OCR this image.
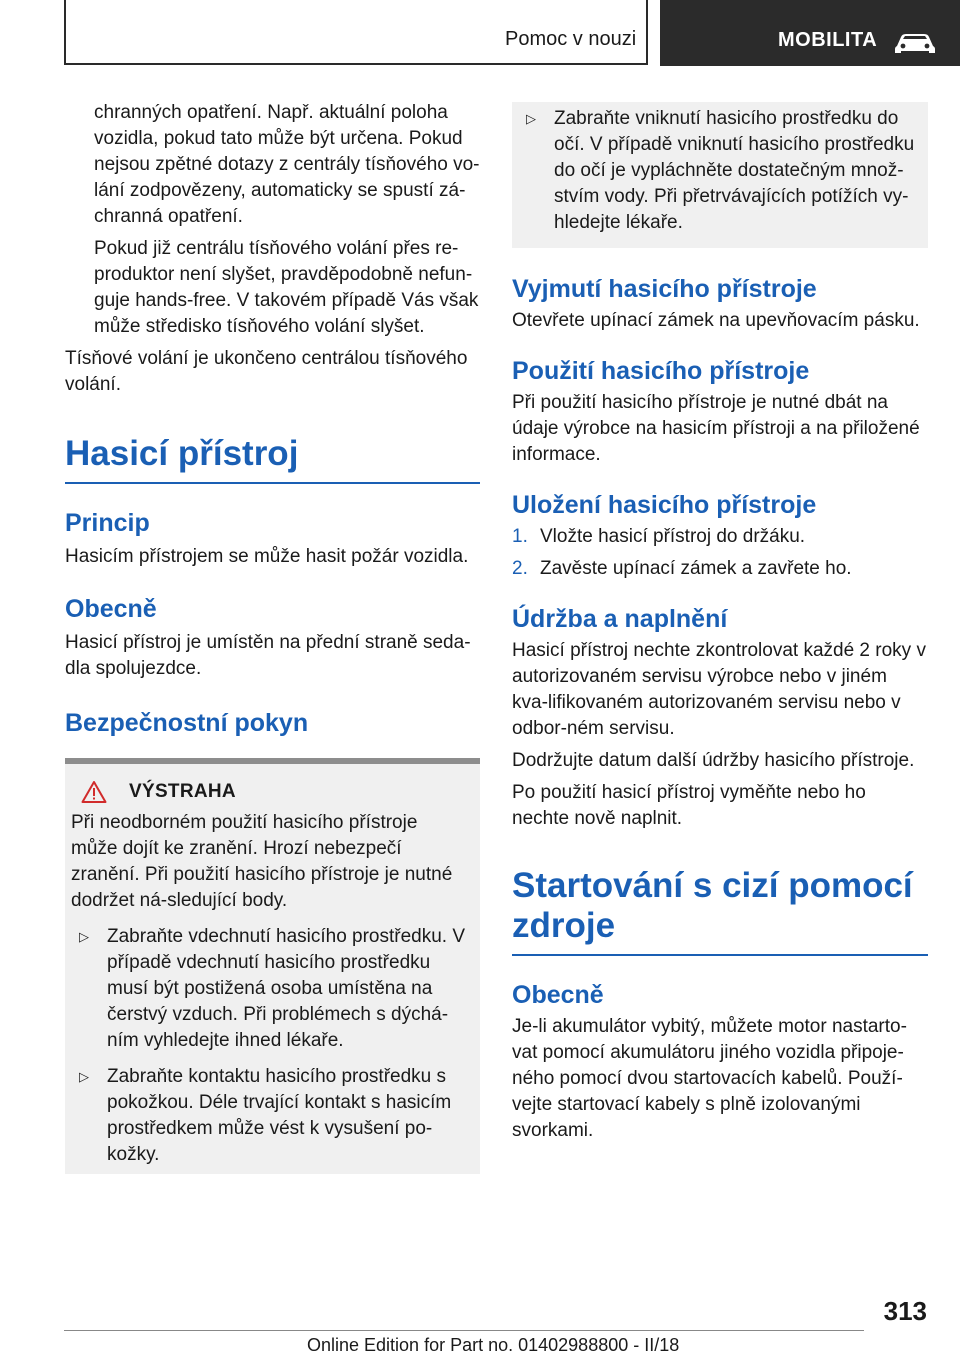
Pomoc v nouzi	MOBILITA

chranných opatření. Např. aktuální poloha vozidla, pokud tato může být určena. Pokud nejsou zpětné dotazy z centrály tísňového vo‐lání zodpovězeny, automaticky se spustí zá‐chranná opatření.

Pokud již centrálu tísňového volání přes re‐produktor není slyšet, pravděpodobně nefun‐guje hands-free. V takovém případě Vás však může středisko tísňového volání slyšet.

Tísňové volání je ukončeno centrálou tísňového volání.

Hasicí přístroj
Princip

Hasicím přístrojem se může hasit požár vozidla.

Obecně

Hasicí přístroj je umístěn na přední straně seda‐dla spolujezdce.

Bezpečnostní pokyn
VÝSTRAHA

Při neodborném použití hasicího přístroje může dojít ke zranění. Hrozí nebezpečí zranění. Při použití hasicího přístroje je nutné dodržet ná‐sledující body.

▷ Zabraňte vdechnutí hasicího prostředku. V případě vdechnutí hasicího prostředku musí být postižená osoba umístěna na čerstvý vzduch. Při problémech s dýchá‐ním vyhledejte ihned lékaře.

▷ Zabraňte kontaktu hasicího prostředku s pokožkou. Déle trvající kontakt s hasicím prostředkem může vést k vysušení po‐kožky.

▷ Zabraňte vniknutí hasicího prostředku do očí. V případě vniknutí hasicího prostředku do očí je vypláchněte dostatečným množ‐stvím vody. Při přetrvávajících potížích vy‐hledejte lékaře.

Vyjmutí hasicího přístroje

Otevřete upínací zámek na upevňovacím pásku.

Použití hasicího přístroje

Při použití hasicího přístroje je nutné dbát na údaje výrobce na hasicím přístroji a na přiložené informace.

Uložení hasicího přístroje
1. Vložte hasicí přístroj do držáku.

2. Zavěste upínací zámek a zavřete ho.

Údržba a naplnění

Hasicí přístroj nechte zkontrolovat každé 2 roky v autorizovaném servisu výrobce nebo v jiném kva‐lifikovaném autorizovaném servisu nebo v odbor‐ném servisu.

Dodržujte datum další údržby hasicího přístroje.

Po použití hasicí přístroj vyměňte nebo ho nechte nově naplnit.

Startování s cizí pomocí zdroje
Obecně

Je-li akumulátor vybitý, můžete motor nastarto‐vat pomocí akumulátoru jiného vozidla připoje‐ného pomocí dvou startovacích kabelů. Použí‐vejte startovací kabely s plně izolovanými svorkami.

313
Online Edition for Part no. 01402988800 - II/18
